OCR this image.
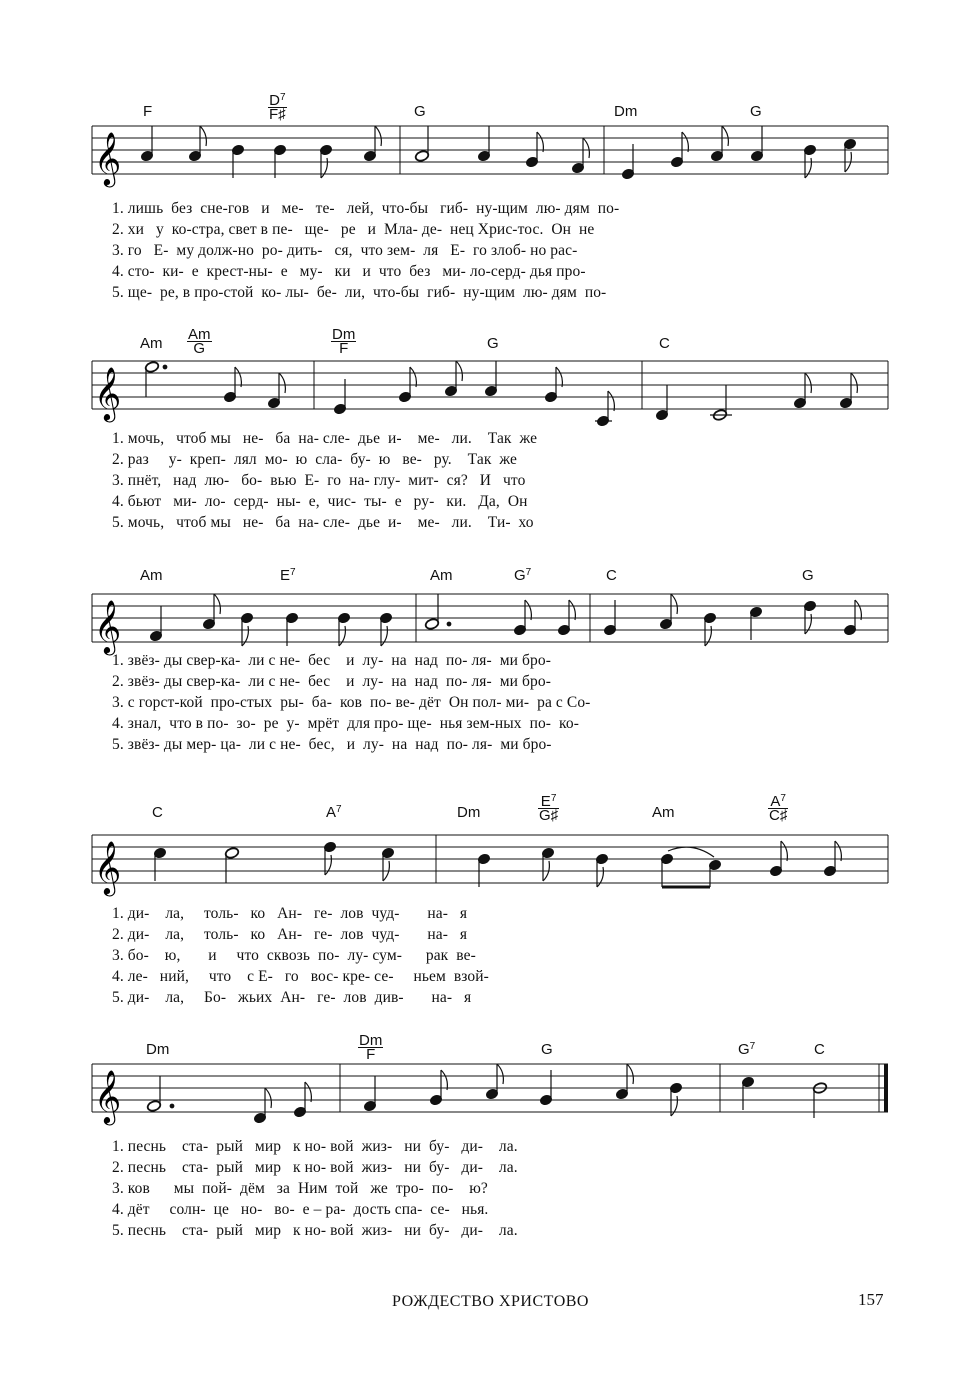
F	$\frac{D^7}{F♯}$	G	Dm	G
𝄞
1. лишь  без  сне-гов   и   ме-   те-   лей,  чтo-бы   гиб-  ну-щим  лю- дям  по-
2. хи   у  ко-стра, свет в пе-   ще-   ре   и  Мла- де-  нец Хрис-тос.  Он  не
3. го   Е-  му долж-но  ро- дить-   ся,  что зем-  ля   Е-  го злоб- но рас-
4. сто-  ки-  е  крест-ны-  е   му-   ки   и  что  без   ми- ло-серд- дья про-
5. ще-  ре, в про-стой  ко- лы-  бе-  ли,  что-бы  гиб-  ну-щим  лю- дям  по-
Am $\frac{Am}{G}$	$\frac{Dm}{F}$	G	C
𝄞
1. мочь,   чтоб мы   не-   ба  на- сле-  дье  и-    ме-   ли.    Так  же
2. раз     у-  креп-  лял  мо-  ю  сла-  бу-  ю   ве-   ру.    Так  же
3. пнёт,   над  лю-   бо-  вью  Е-  го  на- глу-  мит-  ся?   И   что
4. бьют   ми-  ло-  серд-  ны-  е,  чис-  ты-  е   ру-   ки.   Да,  Он
5. мочь,   чтоб мы   не-   ба  на- сле-  дье  и-    ме-   ли.    Ти-  хо
Am	$E^7$	Am	$G^7$	C	G
𝄞
1. звёз- ды свер-ка-  ли с не-  бес    и  лу-  на  над  по- ля-  ми бро-
2. звёз- ды свер-ка-  ли с не-  бес    и  лу-  на  над  по- ля-  ми бро-
3. с горст-кой  про-стых  ры-  ба-  ков  по- ве- дёт  Он пол- ми-  ра с Со-
4. знал,  что в по-  зо-  ре  у-  мрёт  для про- ще-  нья зем-ных  по-  ко-
5. звёз- ды мер- ца-  ли с не-  бес,   и  лу-  на  над  по- ля-  ми бро-
C	$A^7$	Dm	$\frac{E^7}{G♯}$	Am	$\frac{A^7}{C♯}$
𝄞
1. ди-    ла,     толь-   ко   Ан-   ге-  лов  чуд-       на-   я
2. ди-    ла,     толь-   ко   Ан-   ге-  лов  чуд-       на-   я
3. бо-    ю,       и     что  сквозь  по-  лу- сум-      рак  ве-
4. ле-   ний,     что    с Е-   го   вос- кре- се-     ньем  взой-
5. ди-    ла,     Бо-   жьих  Ан-   ге-  лов  див-       на-   я
Dm	$\frac{Dm}{F}$	G	$G^7$	C
𝄞
1. песнь    ста-  рый   мир   к но- вой  жиз-   ни  бу-   ди-    ла.
2. песнь    ста-  рый   мир   к но- вой  жиз-   ни  бу-   ди-    ла.
3. ков      мы  пой-  дём   за  Ним  той   же  тро-  по-    ю?
4. дёт     солн-  це   но-   во-  е – ра-  дость спа-  се-   нья.
5. песнь    ста-  рый   мир   к но- вой  жиз-   ни  бу-   ди-    ла.
РОЖДЕСТВО ХРИСТОВО	157
